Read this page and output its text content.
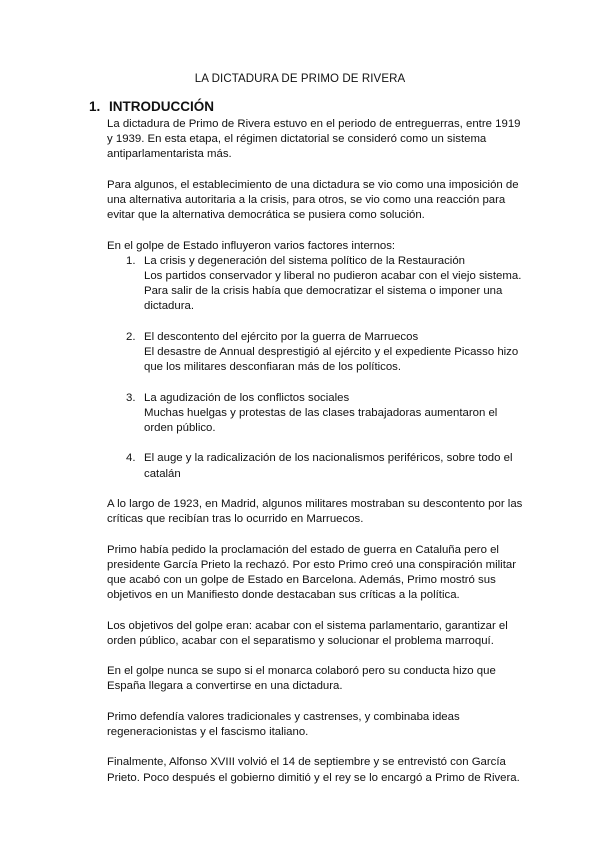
LA DICTADURA DE PRIMO DE RIVERA
1. INTRODUCCIÓN

La dictadura de Primo de Rivera estuvo en el periodo de entreguerras, entre 1919 y 1939. En esta etapa, el régimen dictatorial se consideró como un sistema antiparlamentarista más.

Para algunos, el establecimiento de una dictadura se vio como una imposición de una alternativa autoritaria a la crisis, para otros, se vio como una reacción para evitar que la alternativa democrática se pusiera como solución.

En el golpe de Estado influyeron varios factores internos:

1. La crisis y degeneración del sistema político de la Restauración
Los partidos conservador y liberal no pudieron acabar con el viejo sistema. Para salir de la crisis había que democratizar el sistema o imponer una dictadura.
2. El descontento del ejército por la guerra de Marruecos
El desastre de Annual desprestigió al ejército y el expediente Picasso hizo que los militares desconfiaran más de los políticos.
3. La agudización de los conflictos sociales
Muchas huelgas y protestas de las clases trabajadoras aumentaron el orden público.
4. El auge y la radicalización de los nacionalismos periféricos, sobre todo el catalán

A lo largo de 1923, en Madrid, algunos militares mostraban su descontento por las críticas que recibían tras lo ocurrido en Marruecos.

Primo había pedido la proclamación del estado de guerra en Cataluña pero el presidente García Prieto la rechazó. Por esto Primo creó una conspiración militar que acabó con un golpe de Estado en Barcelona. Además, Primo mostró sus objetivos en un Manifiesto donde destacaban sus críticas a la política.

Los objetivos del golpe eran: acabar con el sistema parlamentario, garantizar el orden público, acabar con el separatismo y solucionar el problema marroquí.

En el golpe nunca se supo si el monarca colaboró pero su conducta hizo que España llegara a convertirse en una dictadura.

Primo defendía valores tradicionales y castrenses, y combinaba ideas regeneracionistas y el fascismo italiano.

Finalmente, Alfonso XVIII volvió el 14 de septiembre y se entrevistó con García Prieto. Poco después el gobierno dimitió y el rey se lo encargó a Primo de Rivera.
